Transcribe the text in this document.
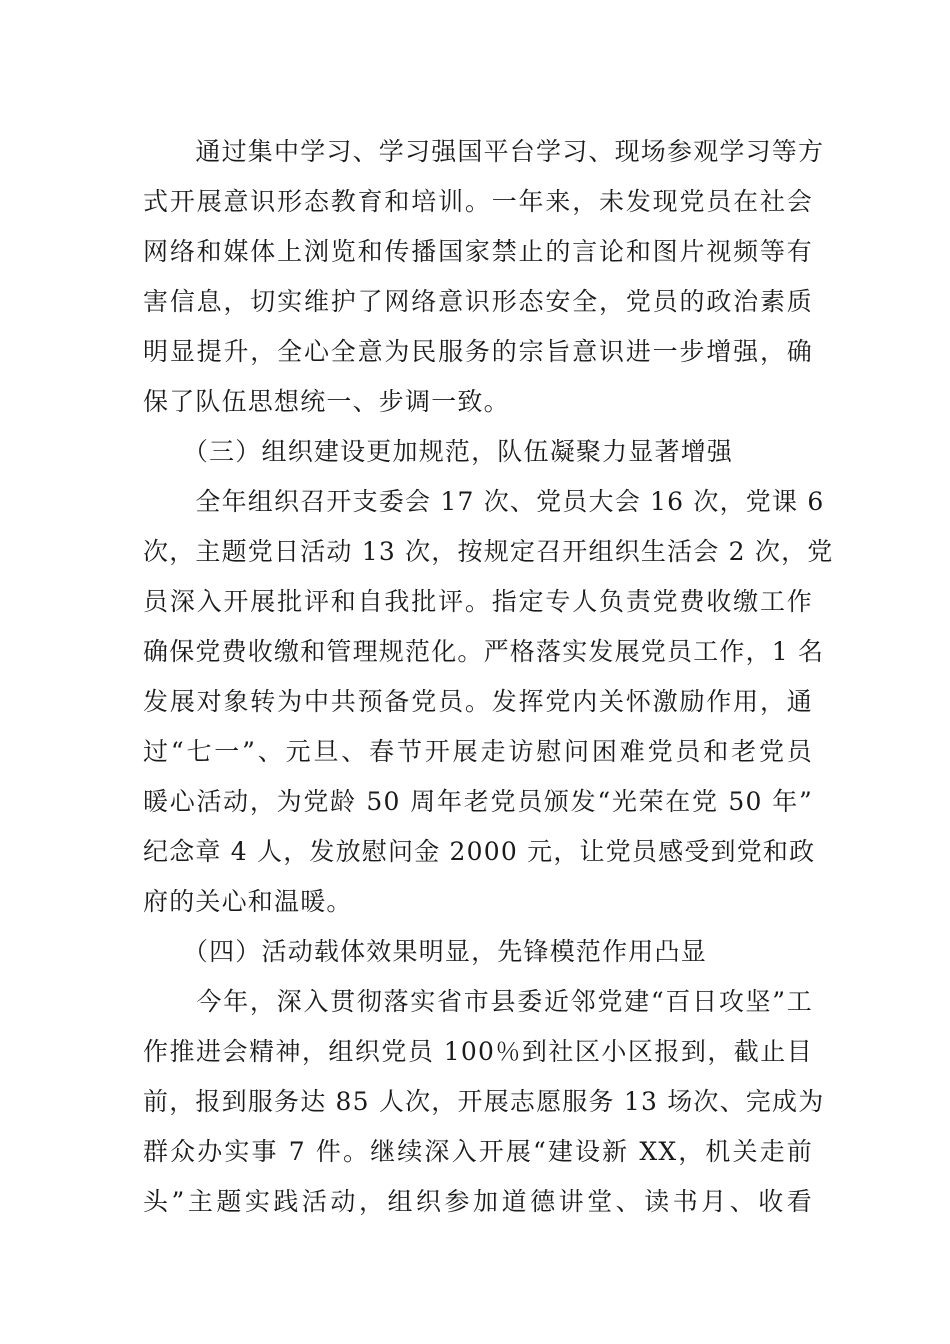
　　通过集中学习、学习强国平台学习、现场参观学习等方
式开展意识形态教育和培训。一年来，未发现党员在社会
网络和媒体上浏览和传播国家禁止的言论和图片视频等有
害信息，切实维护了网络意识形态安全，党员的政治素质
明显提升，全心全意为民服务的宗旨意识进一步增强，确
保了队伍思想统一、步调一致。
　　（三）组织建设更加规范，队伍凝聚力显著增强
　　全年组织召开支委会 17 次、党员大会 16 次，党课 6
次，主题党日活动 13 次，按规定召开组织生活会 2 次，党
员深入开展批评和自我批评。指定专人负责党费收缴工作
确保党费收缴和管理规范化。严格落实发展党员工作，1 名
发展对象转为中共预备党员。发挥党内关怀激励作用，通
过“七一”、元旦、春节开展走访慰问困难党员和老党员
暖心活动，为党龄 50 周年老党员颁发“光荣在党 50 年”
纪念章 4 人，发放慰问金 2000 元，让党员感受到党和政
府的关心和温暖。
　　（四）活动载体效果明显，先锋模范作用凸显
　　今年，深入贯彻落实省市县委近邻党建“百日攻坚”工
作推进会精神，组织党员 100％到社区小区报到，截止目
前，报到服务达 85 人次，开展志愿服务 13 场次、完成为
群众办实事 7 件。继续深入开展“建设新 XX，机关走前
头”主题实践活动，组织参加道德讲堂、读书月、收看
